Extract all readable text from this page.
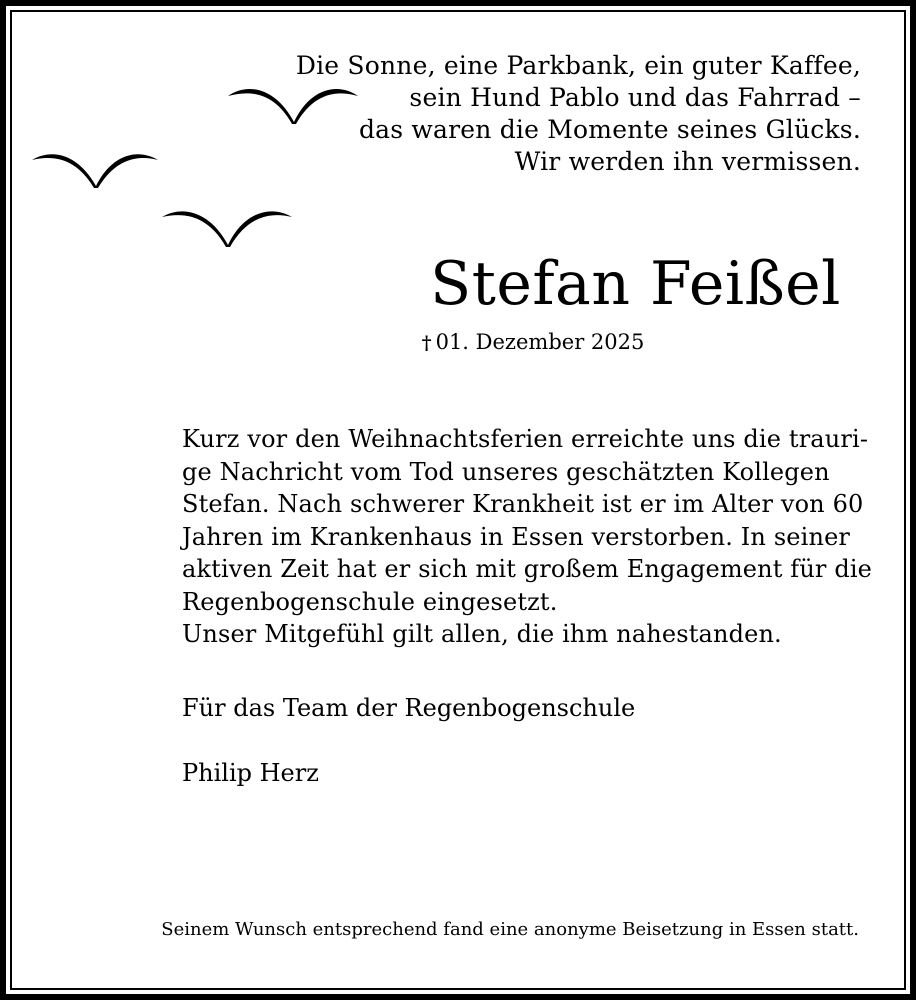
Die Sonne, eine Parkbank, ein guter Kaffee,
sein Hund Pablo und das Fahrrad –
das waren die Momente seines Glücks.
Wir werden ihn vermissen.
Stefan Feißel
† 01. Dezember 2025
Kurz vor den Weihnachtsferien erreichte uns die trauri-
ge Nachricht vom Tod unseres geschätzten Kollegen
Stefan. Nach schwerer Krankheit ist er im Alter von 60
Jahren im Krankenhaus in Essen verstorben. In seiner
aktiven Zeit hat er sich mit großem Engagement für die
Regenbogenschule eingesetzt.
Unser Mitgefühl gilt allen, die ihm nahestanden.
Für das Team der Regenbogenschule
Philip Herz
Seinem Wunsch entsprechend fand eine anonyme Beisetzung in Essen statt.
